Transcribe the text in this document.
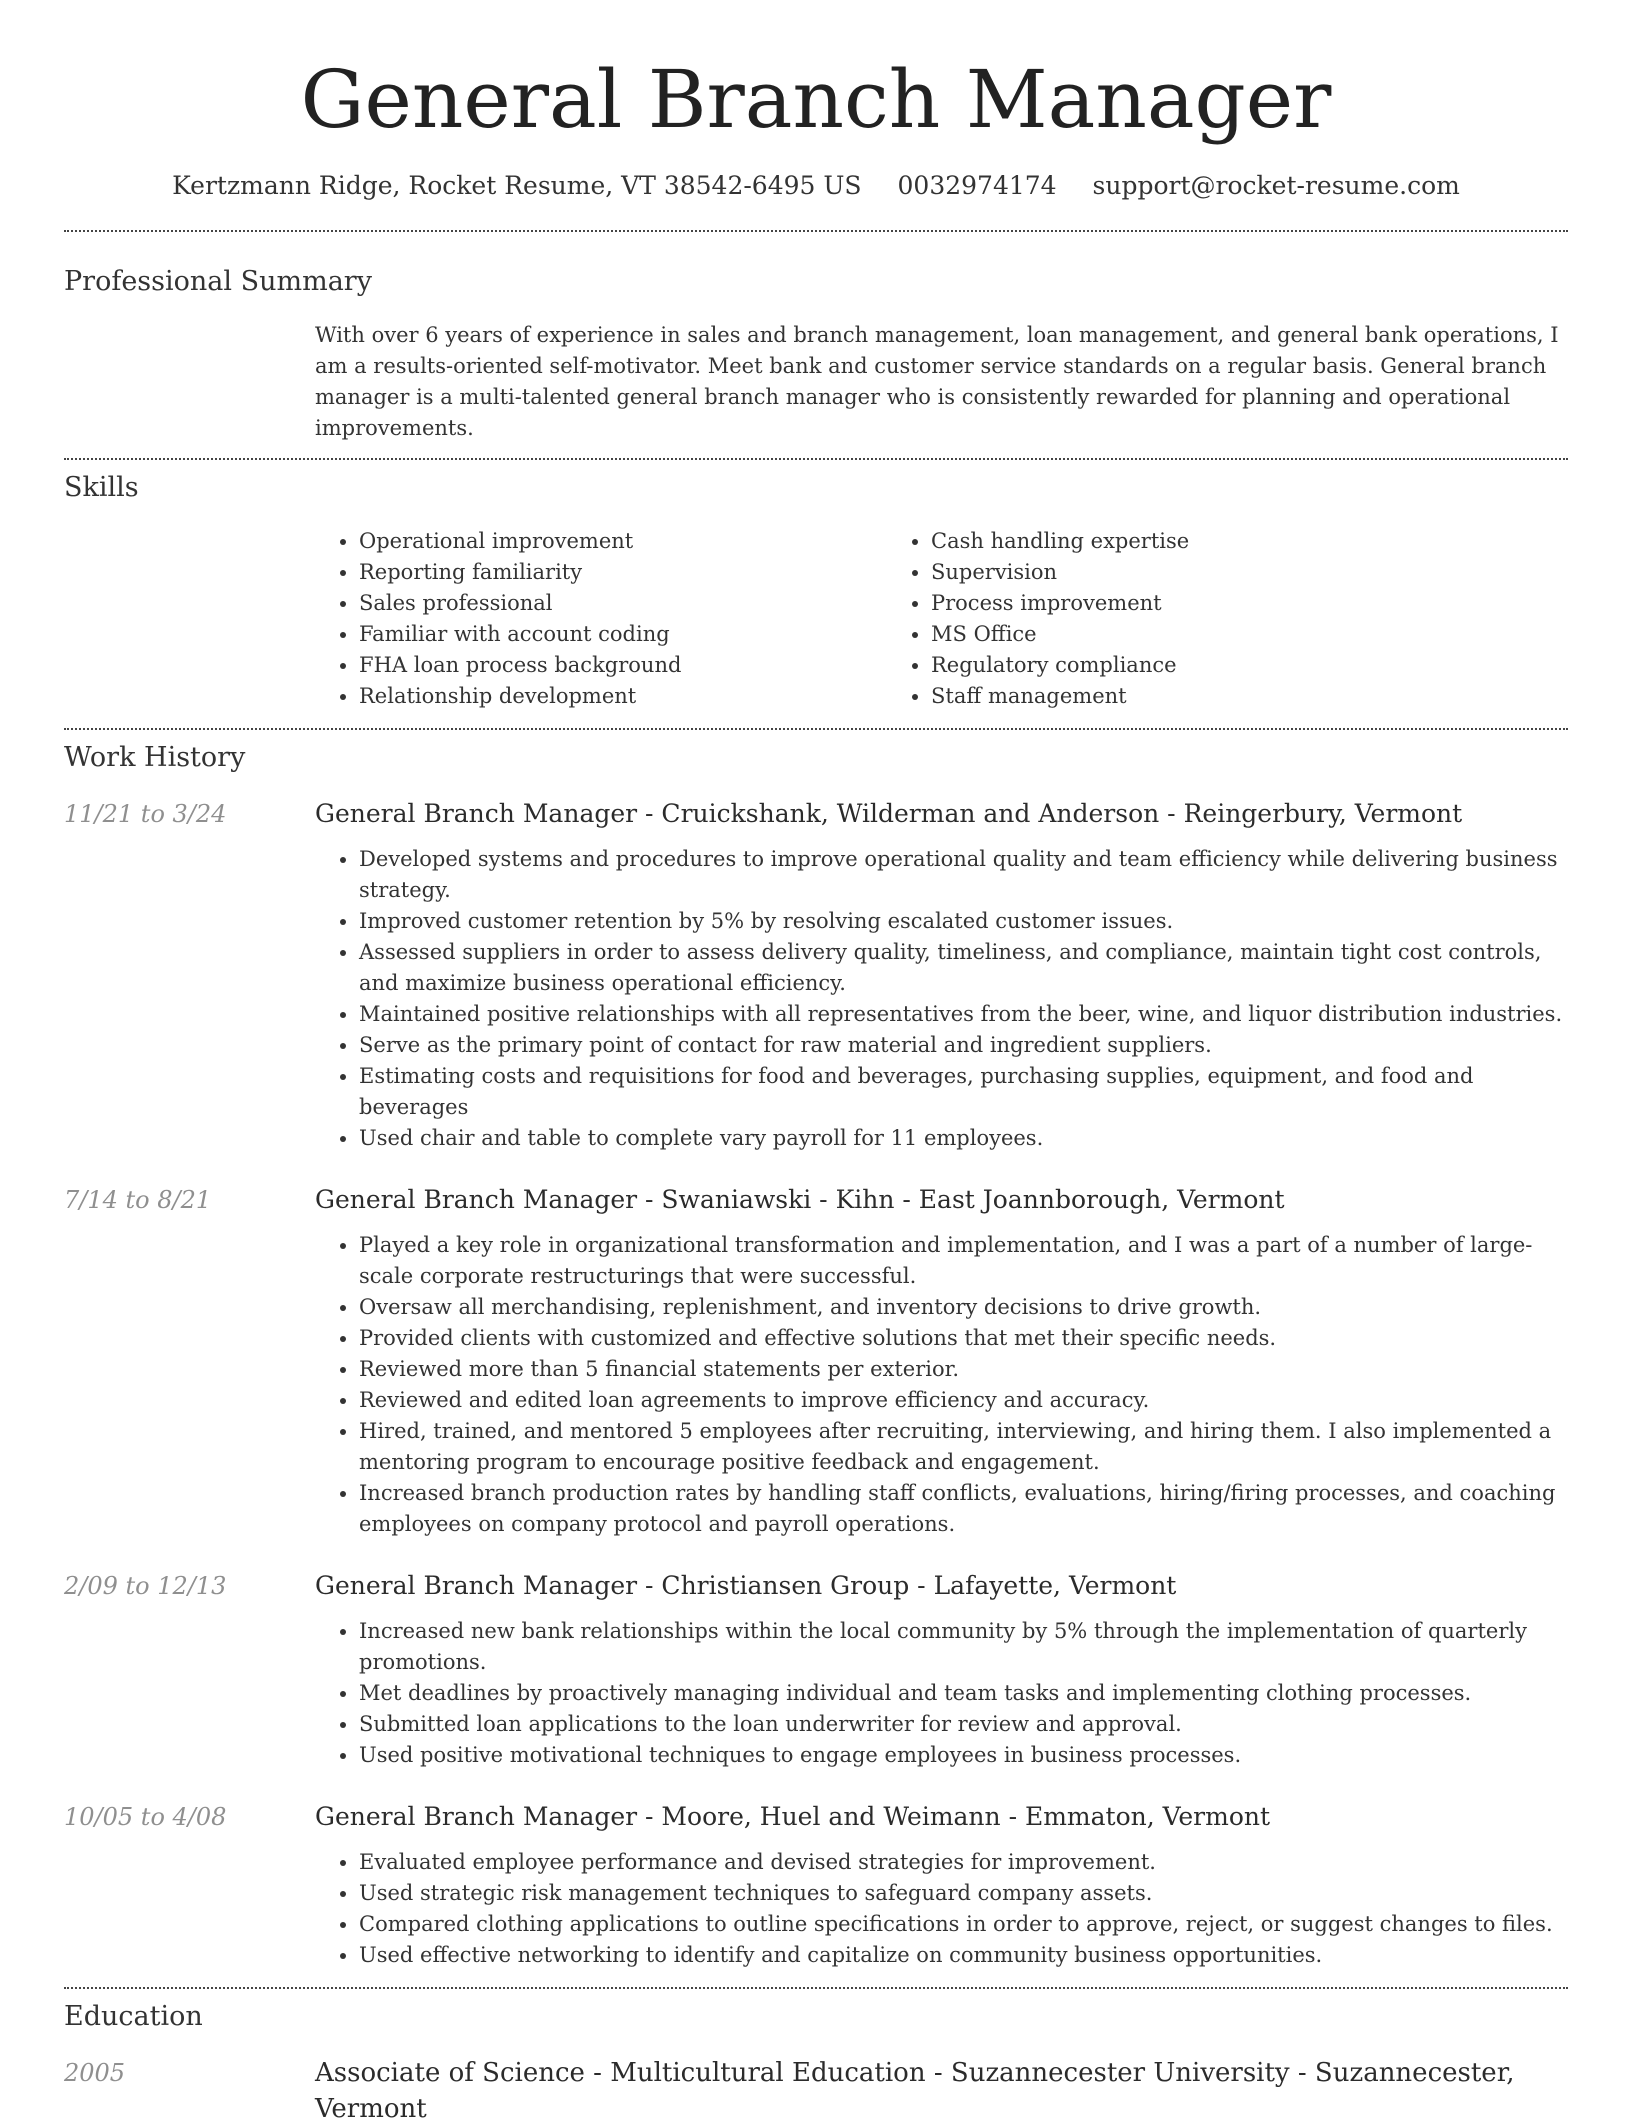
General Branch Manager
Kertzmann Ridge, Rocket Resume, VT 38542-6495 US 0032974174 support@rocket-resume.com
Professional Summary

With over 6 years of experience in sales and branch management, loan management, and general bank operations, I am a results-oriented self-motivator. Meet bank and customer service standards on a regular basis. General branch manager is a multi-talented general branch manager who is consistently rewarded for planning and operational improvements.

Skills
• Operational improvement
• Reporting familiarity
• Sales professional
• Familiar with account coding
• FHA loan process background
• Relationship development
• Cash handling expertise
• Supervision
• Process improvement
• MS Office
• Regulatory compliance
• Staff management
Work History
11/21 to 3/24	General Branch Manager - Cruickshank, Wilderman and Anderson - Reingerbury, Vermont
• Developed systems and procedures to improve operational quality and team efficiency while delivering business strategy.
• Improved customer retention by 5% by resolving escalated customer issues.
• Assessed suppliers in order to assess delivery quality, timeliness, and compliance, maintain tight cost controls, and maximize business operational efficiency.
• Maintained positive relationships with all representatives from the beer, wine, and liquor distribution industries.
• Serve as the primary point of contact for raw material and ingredient suppliers.
• Estimating costs and requisitions for food and beverages, purchasing supplies, equipment, and food and beverages
• Used chair and table to complete vary payroll for 11 employees.
7/14 to 8/21	General Branch Manager - Swaniawski - Kihn - East Joannborough, Vermont
• Played a key role in organizational transformation and implementation, and I was a part of a number of large-scale corporate restructurings that were successful.
• Oversaw all merchandising, replenishment, and inventory decisions to drive growth.
• Provided clients with customized and effective solutions that met their specific needs.
• Reviewed more than 5 financial statements per exterior.
• Reviewed and edited loan agreements to improve efficiency and accuracy.
• Hired, trained, and mentored 5 employees after recruiting, interviewing, and hiring them. I also implemented a mentoring program to encourage positive feedback and engagement.
• Increased branch production rates by handling staff conflicts, evaluations, hiring/firing processes, and coaching employees on company protocol and payroll operations.
2/09 to 12/13	General Branch Manager - Christiansen Group - Lafayette, Vermont
• Increased new bank relationships within the local community by 5% through the implementation of quarterly promotions.
• Met deadlines by proactively managing individual and team tasks and implementing clothing processes.
• Submitted loan applications to the loan underwriter for review and approval.
• Used positive motivational techniques to engage employees in business processes.
10/05 to 4/08	General Branch Manager - Moore, Huel and Weimann - Emmaton, Vermont
• Evaluated employee performance and devised strategies for improvement.
• Used strategic risk management techniques to safeguard company assets.
• Compared clothing applications to outline specifications in order to approve, reject, or suggest changes to files.
• Used effective networking to identify and capitalize on community business opportunities.
Education
2005	Associate of Science - Multicultural Education - Suzannecester University - Suzannecester, Vermont
